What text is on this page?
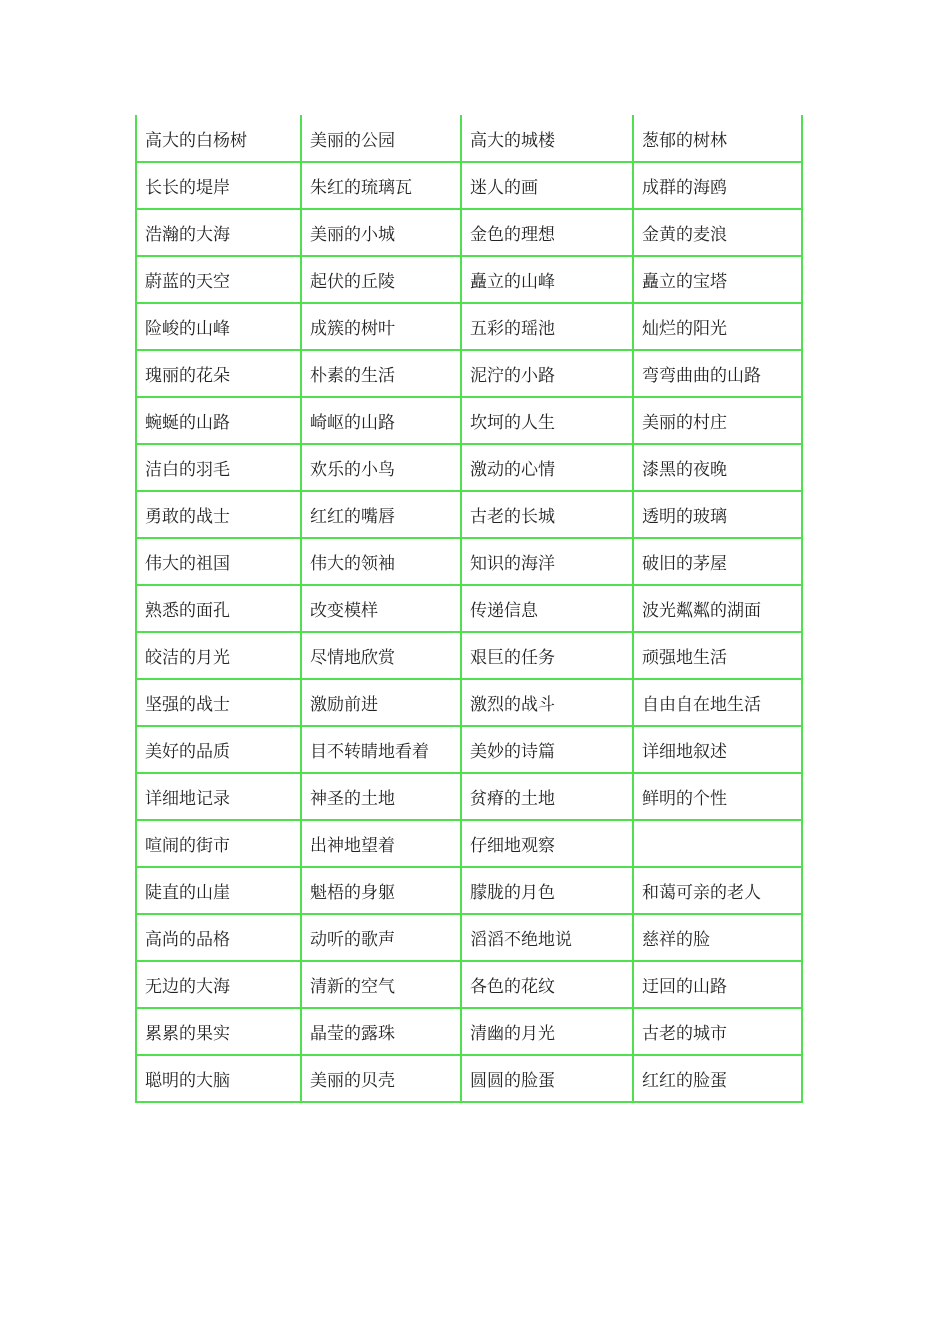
高大的白杨树	美丽的公园	高大的城楼	葱郁的树林
长长的堤岸	朱红的琉璃瓦	迷人的画	成群的海鸥
浩瀚的大海	美丽的小城	金色的理想	金黄的麦浪
蔚蓝的天空	起伏的丘陵	矗立的山峰	矗立的宝塔
险峻的山峰	成簇的树叶	五彩的瑶池	灿烂的阳光
瑰丽的花朵	朴素的生活	泥泞的小路	弯弯曲曲的山路
蜿蜒的山路	崎岖的山路	坎坷的人生	美丽的村庄
洁白的羽毛	欢乐的小鸟	激动的心情	漆黑的夜晚
勇敢的战士	红红的嘴唇	古老的长城	透明的玻璃
伟大的祖国	伟大的领袖	知识的海洋	破旧的茅屋
熟悉的面孔	改变模样	传递信息	波光粼粼的湖面
皎洁的月光	尽情地欣赏	艰巨的任务	顽强地生活
坚强的战士	激励前进	激烈的战斗	自由自在地生活
美好的品质	目不转睛地看着	美妙的诗篇	详细地叙述
详细地记录	神圣的土地	贫瘠的土地	鲜明的个性
喧闹的街市	出神地望着	仔细地观察	
陡直的山崖	魁梧的身躯	朦胧的月色	和蔼可亲的老人
高尚的品格	动听的歌声	滔滔不绝地说	慈祥的脸
无边的大海	清新的空气	各色的花纹	迂回的山路
累累的果实	晶莹的露珠	清幽的月光	古老的城市
聪明的大脑	美丽的贝壳	圆圆的脸蛋	红红的脸蛋
